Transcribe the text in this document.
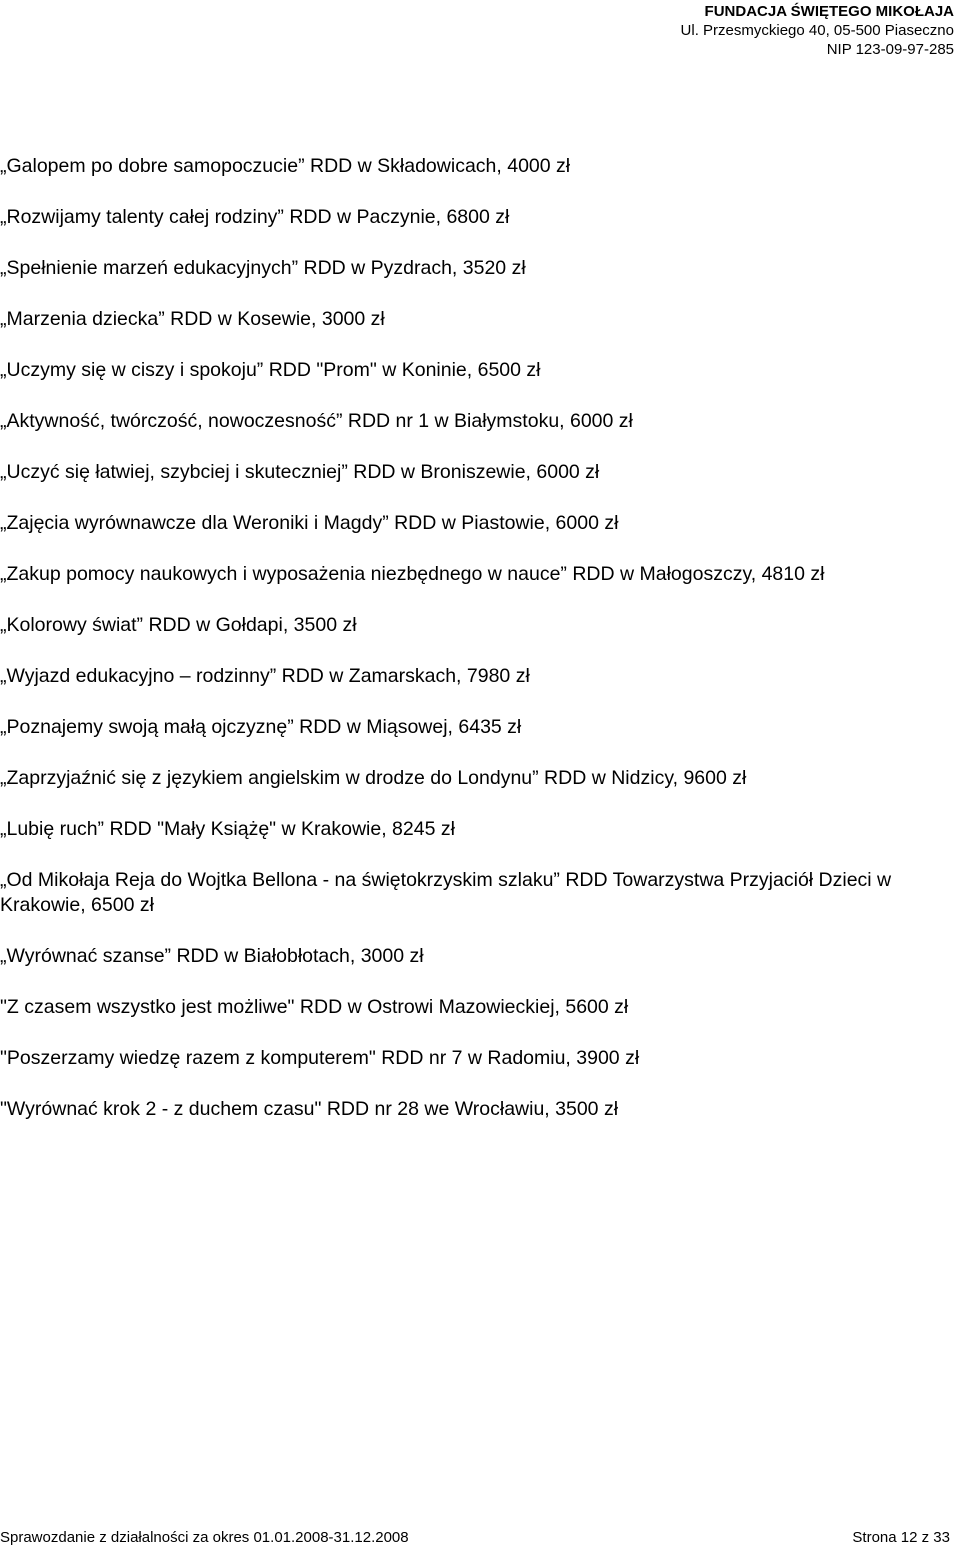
FUNDACJA ŚWIĘTEGO MIKOŁAJA
Ul. Przesmyckiego 40, 05-500 Piaseczno
NIP 123-09-97-285

„Galopem po dobre samopoczucie” RDD w Składowicach, 4000 zł

„Rozwijamy talenty całej rodziny” RDD w Paczynie, 6800 zł

„Spełnienie marzeń edukacyjnych” RDD w Pyzdrach, 3520 zł

„Marzenia dziecka” RDD w Kosewie, 3000 zł

„Uczymy się w ciszy i spokoju” RDD "Prom" w Koninie, 6500 zł

„Aktywność, twórczość, nowoczesność” RDD nr 1 w Białymstoku, 6000 zł

„Uczyć się łatwiej, szybciej i skuteczniej” RDD w Broniszewie, 6000 zł

„Zajęcia wyrównawcze dla Weroniki i Magdy” RDD w Piastowie, 6000 zł

„Zakup pomocy naukowych i wyposażenia niezbędnego w nauce” RDD w Małogoszczy, 4810 zł

„Kolorowy świat” RDD w Gołdapi, 3500 zł

„Wyjazd edukacyjno – rodzinny” RDD w Zamarskach, 7980 zł

„Poznajemy swoją małą ojczyznę” RDD w Miąsowej, 6435 zł

„Zaprzyjaźnić się z językiem angielskim w drodze do Londynu” RDD w Nidzicy, 9600 zł

„Lubię ruch” RDD "Mały Książę" w Krakowie, 8245 zł

„Od Mikołaja Reja do Wojtka Bellona - na świętokrzyskim szlaku” RDD Towarzystwa Przyjaciół Dzieci w Krakowie, 6500 zł

„Wyrównać szanse” RDD w Białobłotach, 3000 zł

"Z czasem wszystko jest możliwe" RDD w Ostrowi Mazowieckiej, 5600 zł

"Poszerzamy wiedzę razem z komputerem" RDD nr 7 w Radomiu, 3900 zł

"Wyrównać krok 2 - z duchem czasu" RDD nr 28 we Wrocławiu, 3500 zł

Sprawozdanie z działalności za okres 01.01.2008-31.12.2008	Strona 12 z 33
